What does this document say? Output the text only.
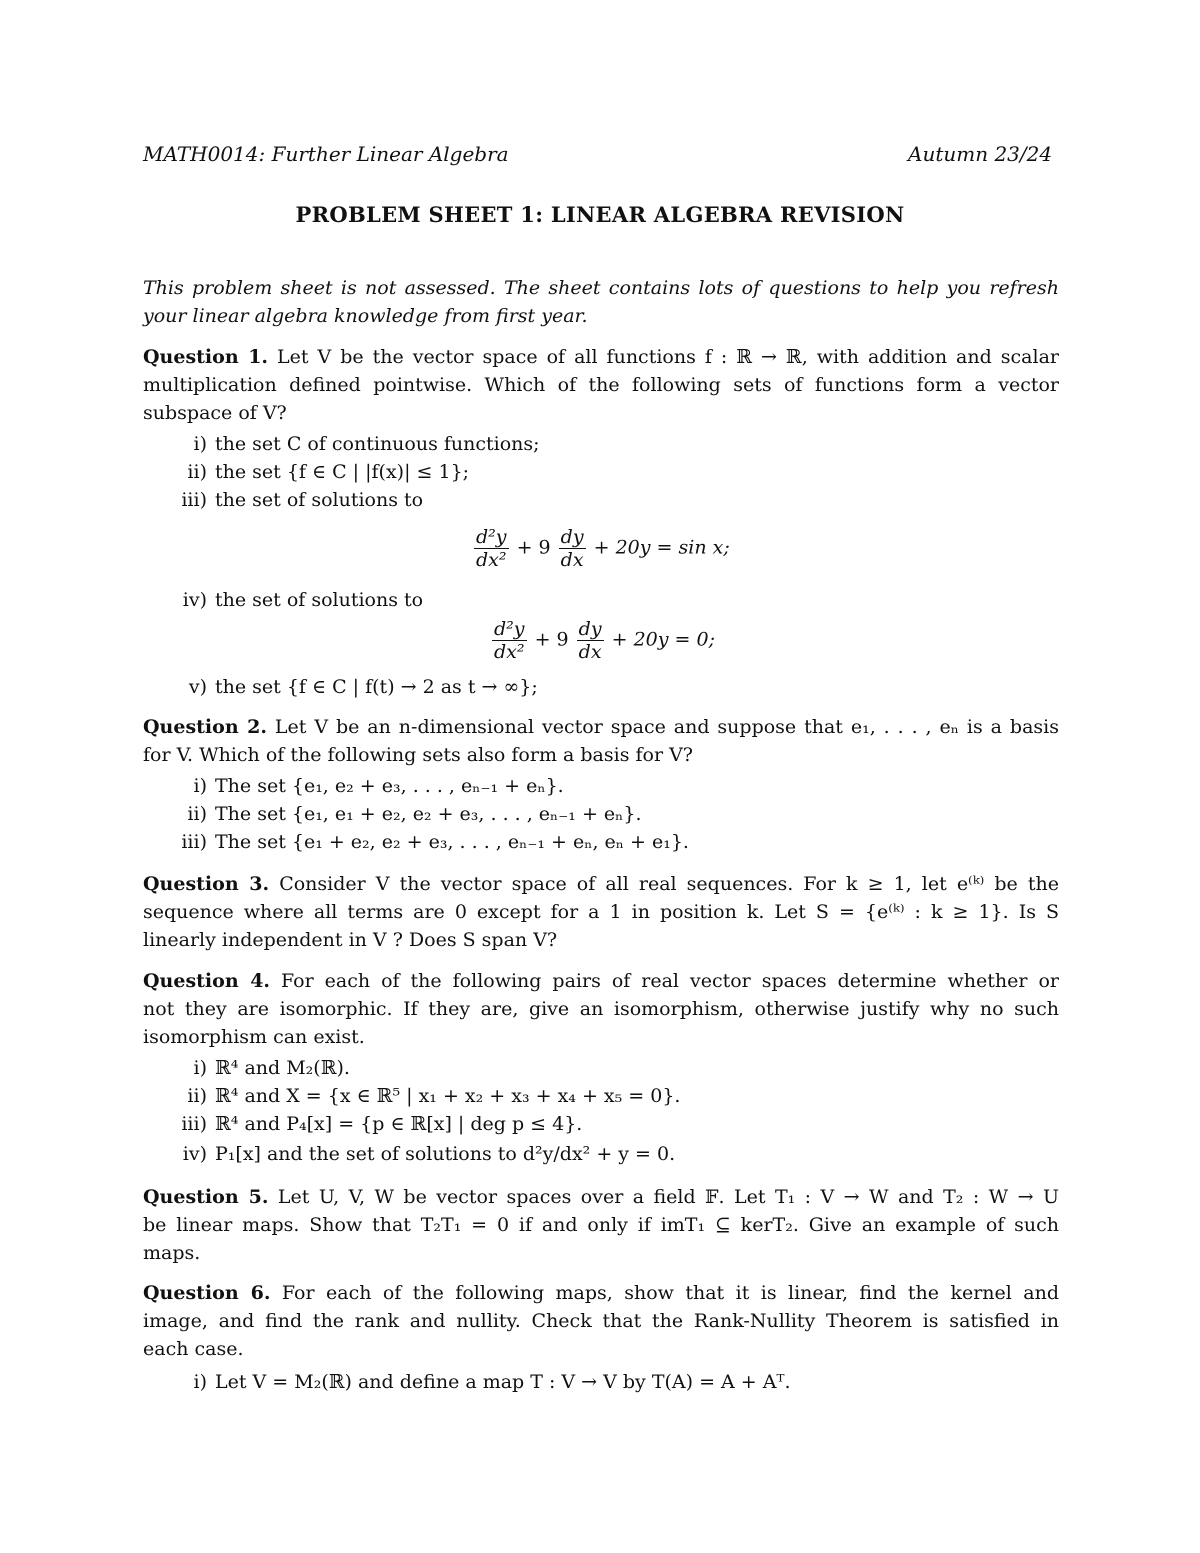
MATH0014: Further Linear Algebra	Autumn 23/24
PROBLEM SHEET 1: LINEAR ALGEBRA REVISION
This problem sheet is not assessed. The sheet contains lots of questions to help you refresh
your linear algebra knowledge from first year.
Question 1. Let V be the vector space of all functions f : ℝ → ℝ, with addition and scalar
multiplication defined pointwise. Which of the following sets of functions form a vector
subspace of V?
i) the set C of continuous functions;
ii) the set {f ∈ C | |f(x)| ≤ 1};
iii) the set of solutions to
$\frac{\text{d²y}}{\text{dx²}} + 9 \frac{dy}{dx} + 20y = \sin x$;
iv) the set of solutions to
$\frac{\text{d²y}}{\text{dx²}} + 9 \frac{dy}{dx} + 20y = 0$;
v) the set {f ∈ C | f(t) → 2 as t → ∞};
Question 2. Let V be an n-dimensional vector space and suppose that e₁, . . . , eₙ is a basis
for V. Which of the following sets also form a basis for V?
i) The set {e₁, e₂ + e₃, . . . , eₙ₋₁ + eₙ}.
ii) The set {e₁, e₁ + e₂, e₂ + e₃, . . . , eₙ₋₁ + eₙ}.
iii) The set {e₁ + e₂, e₂ + e₃, . . . , eₙ₋₁ + eₙ, eₙ + e₁}.
Question 3. Consider V the vector space of all real sequences. For k ≥ 1, let e⁽ᵏ⁾ be the
sequence where all terms are 0 except for a 1 in position k. Let S = {e⁽ᵏ⁾ : k ≥ 1}. Is S
linearly independent in V ? Does S span V?
Question 4. For each of the following pairs of real vector spaces determine whether or
not they are isomorphic. If they are, give an isomorphism, otherwise justify why no such
isomorphism can exist.
i) ℝ⁴ and M₂(ℝ).
ii) ℝ⁴ and X = {x ∈ ℝ⁵ | x₁ + x₂ + x₃ + x₄ + x₅ = 0}.
iii) ℝ⁴ and P₄[x] = {p ∈ ℝ[x] | deg p ≤ 4}.
iv) P₁[x] and the set of solutions to d²y/dx² + y = 0.
Question 5. Let U, V, W be vector spaces over a field 𝔽. Let T₁ : V → W and T₂ : W → U
be linear maps. Show that T₂T₁ = 0 if and only if imT₁ ⊆ kerT₂. Give an example of such
maps.
Question 6. For each of the following maps, show that it is linear, find the kernel and
image, and find the rank and nullity. Check that the Rank-Nullity Theorem is satisfied in
each case.
i) Let V = M₂(ℝ) and define a map T : V → V by T(A) = A + Aᵀ.
